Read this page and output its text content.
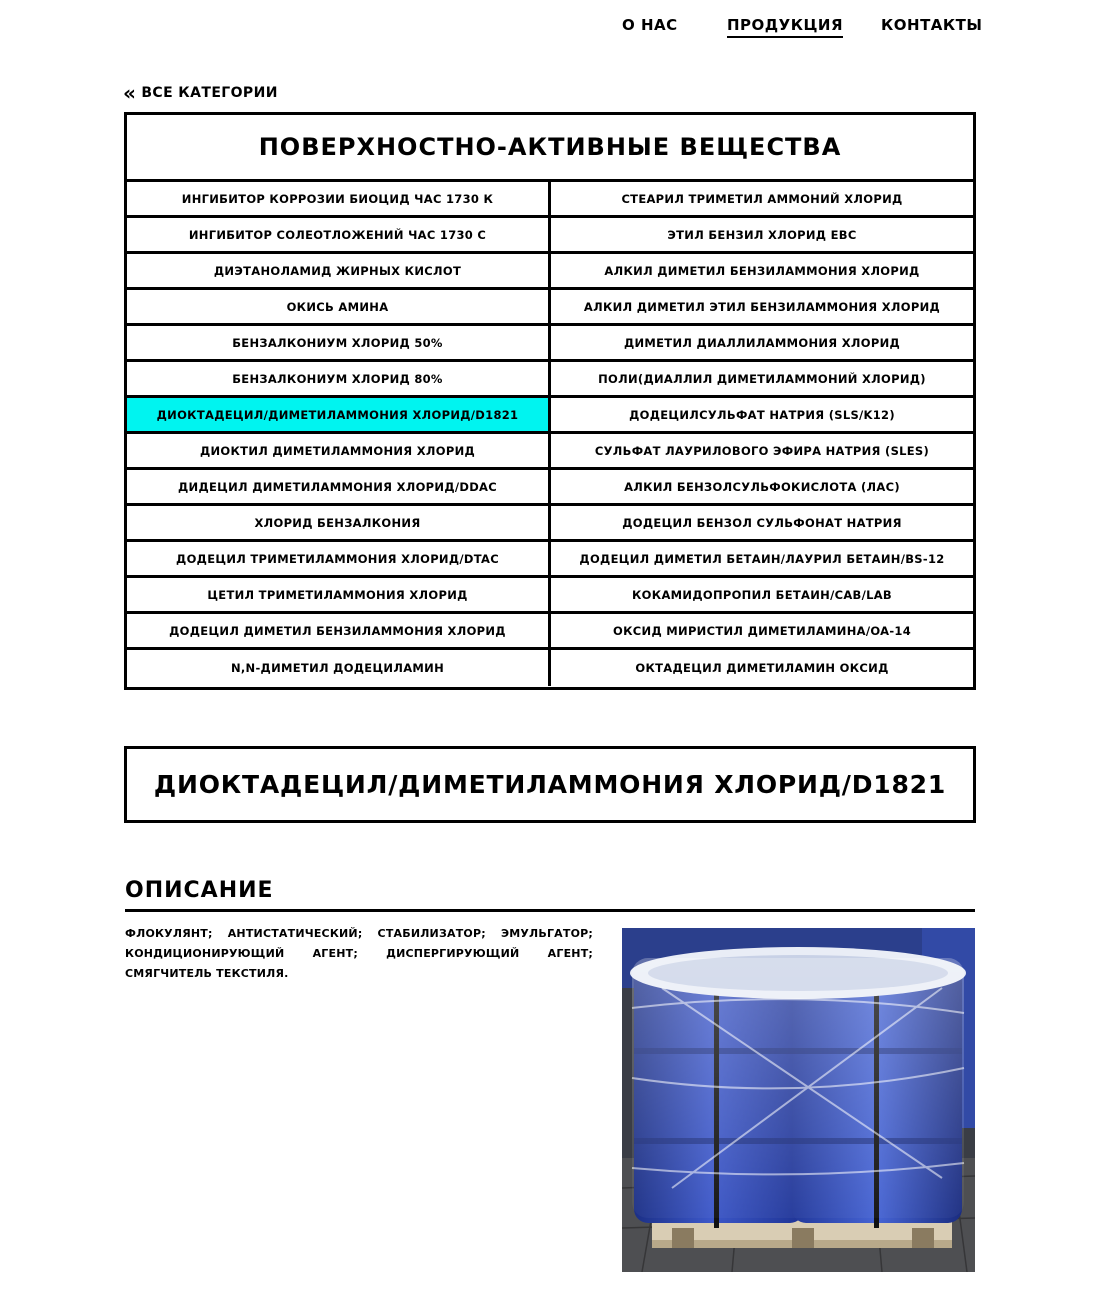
О НАС	ПРОДУКЦИЯ	КОНТАКТЫ
« ВСЕ КАТЕГОРИИ
ПОВЕРХНОСТНО-АКТИВНЫЕ ВЕЩЕСТВА
ИНГИБИТОР КОРРОЗИИ БИОЦИД ЧАС 1730 К	СТЕАРИЛ ТРИМЕТИЛ АММОНИЙ ХЛОРИД
ИНГИБИТОР СОЛЕОТЛОЖЕНИЙ ЧАС 1730 С	ЭТИЛ БЕНЗИЛ ХЛОРИД EBC
ДИЭТАНОЛАМИД ЖИРНЫХ КИСЛОТ	АЛКИЛ ДИМЕТИЛ БЕНЗИЛАММОНИЯ ХЛОРИД
ОКИСЬ АМИНА	АЛКИЛ ДИМЕТИЛ ЭТИЛ БЕНЗИЛАММОНИЯ ХЛОРИД
БЕНЗАЛКОНИУМ ХЛОРИД 50%	ДИМЕТИЛ ДИАЛЛИЛАММОНИЯ ХЛОРИД
БЕНЗАЛКОНИУМ ХЛОРИД 80%	ПОЛИ(ДИАЛЛИЛ ДИМЕТИЛАММОНИЙ ХЛОРИД)
ДИОКТАДЕЦИЛ/ДИМЕТИЛАММОНИЯ ХЛОРИД/D1821	ДОДЕЦИЛСУЛЬФАТ НАТРИЯ (SLS/K12)
ДИОКТИЛ ДИМЕТИЛАММОНИЯ ХЛОРИД	СУЛЬФАТ ЛАУРИЛОВОГО ЭФИРА НАТРИЯ (SLES)
ДИДЕЦИЛ ДИМЕТИЛАММОНИЯ ХЛОРИД/DDAC	АЛКИЛ БЕНЗОЛСУЛЬФОКИСЛОТА (ЛАС)
ХЛОРИД БЕНЗАЛКОНИЯ	ДОДЕЦИЛ БЕНЗОЛ СУЛЬФОНАТ НАТРИЯ
ДОДЕЦИЛ ТРИМЕТИЛАММОНИЯ ХЛОРИД/DTAC	ДОДЕЦИЛ ДИМЕТИЛ БЕТАИН/ЛАУРИЛ БЕТАИН/BS-12
ЦЕТИЛ ТРИМЕТИЛАММОНИЯ ХЛОРИД	КОКАМИДОПРОПИЛ БЕТАИН/CAB/LAB
ДОДЕЦИЛ ДИМЕТИЛ БЕНЗИЛАММОНИЯ ХЛОРИД	ОКСИД МИРИСТИЛ ДИМЕТИЛАМИНА/OA-14
N,N-ДИМЕТИЛ ДОДЕЦИЛАМИН	ОКТАДЕЦИЛ ДИМЕТИЛАМИН ОКСИД
ДИОКТАДЕЦИЛ/ДИМЕТИЛАММОНИЯ ХЛОРИД/D1821
ОПИСАНИЕ

ФЛОКУЛЯНТ; АНТИСТАТИЧЕСКИЙ; СТАБИЛИЗАТОР; ЭМУЛЬГАТОР; КОНДИЦИОНИРУЮЩИЙ АГЕНТ; ДИСПЕРГИРУЮЩИЙ АГЕНТ; СМЯГЧИТЕЛЬ ТЕКСТИЛЯ.
